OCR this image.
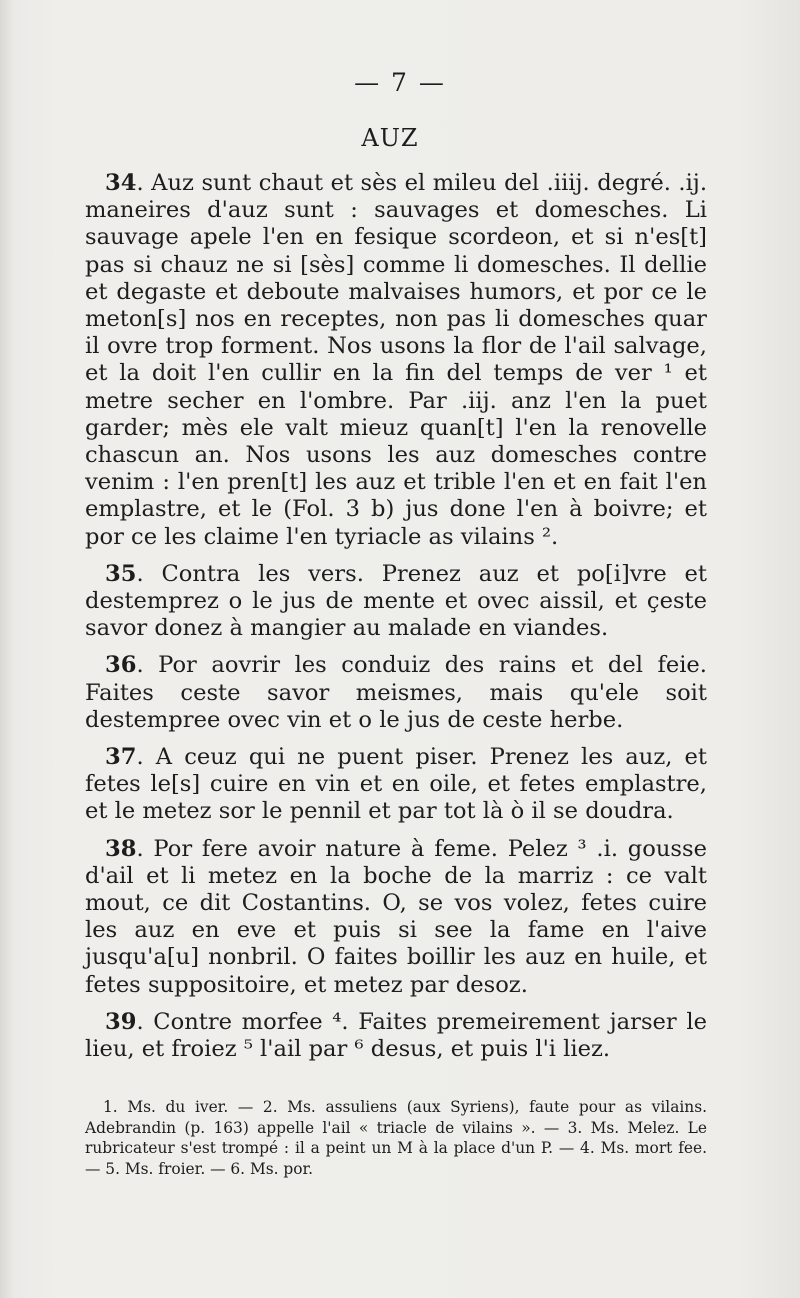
— 7 —
AUZ

34. Auz sunt chaut et sès el mileu del .iiij. degré. .ij. maneires d'auz sunt : sauvages et domesches. Li sauvage apele l'en en fesique scordeon, et si n'es[t] pas si chauz ne si [sès] comme li domesches. Il dellie et degaste et deboute malvaises humors, et por ce le meton[s] nos en receptes, non pas li domesches quar il ovre trop forment. Nos usons la flor de l'ail salvage, et la doit l'en cullir en la fin del temps de ver ¹ et metre secher en l'ombre. Par .iij. anz l'en la puet garder; mès ele valt mieuz quan[t] l'en la renovelle chascun an. Nos usons les auz domesches contre venim : l'en pren[t] les auz et trible l'en et en fait l'en emplastre, et le (Fol. 3 b) jus done l'en à boivre; et por ce les claime l'en tyriacle as vilains ².

35. Contra les vers. Prenez auz et po[i]vre et destemprez o le jus de mente et ovec aissil, et çeste savor donez à mangier au malade en viandes.

36. Por aovrir les conduiz des rains et del feie. Faites ceste savor meismes, mais qu'ele soit destempree ovec vin et o le jus de ceste herbe.

37. A ceuz qui ne puent piser. Prenez les auz, et fetes le[s] cuire en vin et en oile, et fetes emplastre, et le metez sor le pennil et par tot là ò il se doudra.

38. Por fere avoir nature à feme. Pelez ³ .i. gousse d'ail et li metez en la boche de la marriz : ce valt mout, ce dit Costantins. O, se vos volez, fetes cuire les auz en eve et puis si see la fame en l'aive jusqu'a[u] nonbril. O faites boillir les auz en huile, et fetes suppositoire, et metez par desoz.

39. Contre morfee ⁴. Faites premeirement jarser le lieu, et froiez ⁵ l'ail par ⁶ desus, et puis l'i liez.

1. Ms. du iver. — 2. Ms. assuliens (aux Syriens), faute pour as vilains. Adebrandin (p. 163) appelle l'ail « triacle de vilains ». — 3. Ms. Melez. Le rubricateur s'est trompé : il a peint un M à la place d'un P. — 4. Ms. mort fee. — 5. Ms. froier. — 6. Ms. por.
